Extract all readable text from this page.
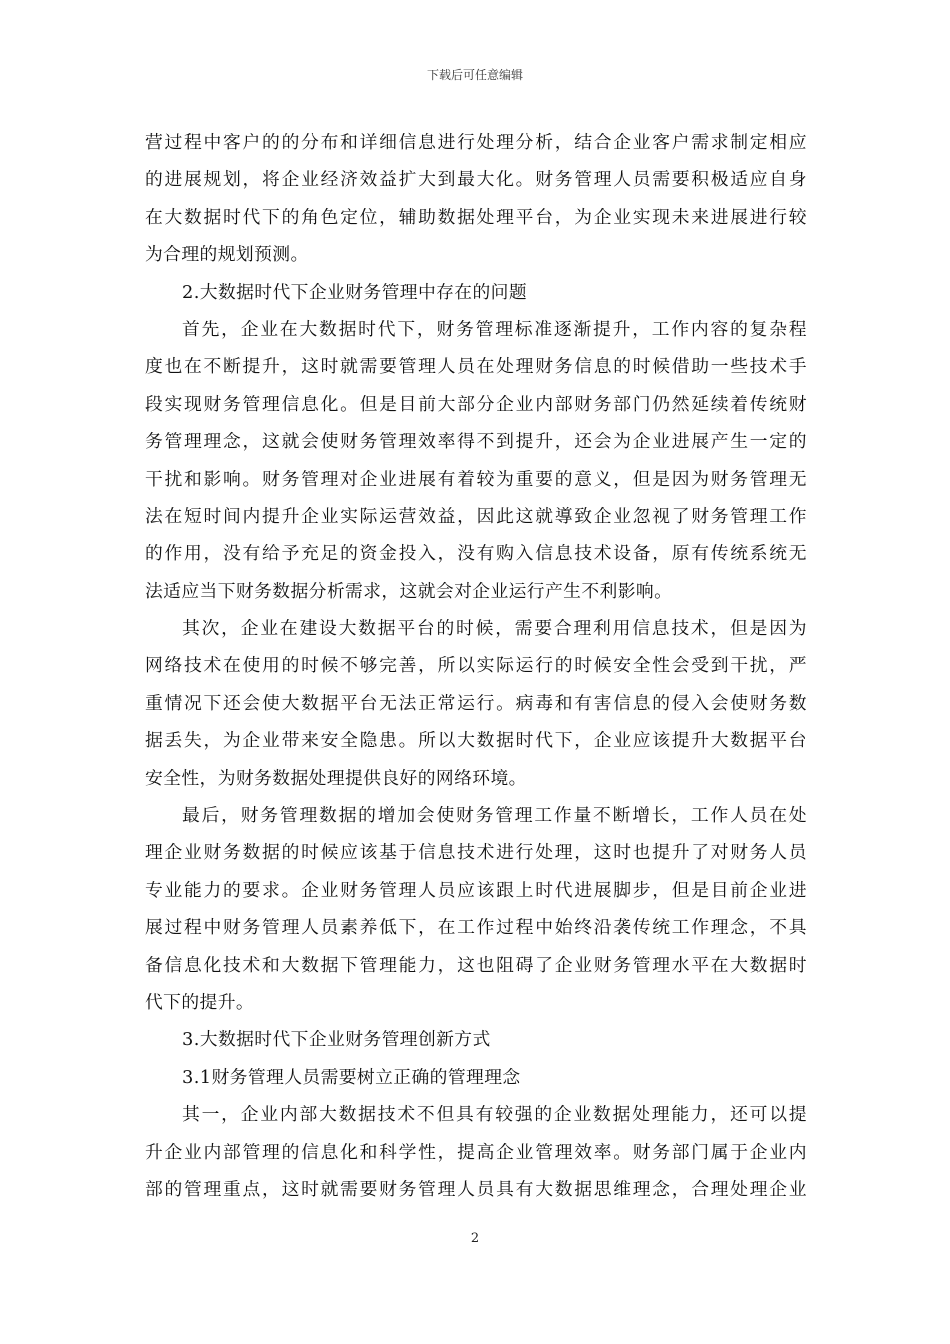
下载后可任意编辑
营过程中客户的的分布和详细信息进行处理分析，结合企业客户需求制定相应
的进展规划，将企业经济效益扩大到最大化。财务管理人员需要积极适应自身
在大数据时代下的角色定位，辅助数据处理平台，为企业实现未来进展进行较
为合理的规划预测。
2.大数据时代下企业财务管理中存在的问题
首先，企业在大数据时代下，财务管理标准逐渐提升，工作内容的复杂程
度也在不断提升，这时就需要管理人员在处理财务信息的时候借助一些技术手
段实现财务管理信息化。但是目前大部分企业内部财务部门仍然延续着传统财
务管理理念，这就会使财务管理效率得不到提升，还会为企业进展产生一定的
干扰和影响。财务管理对企业进展有着较为重要的意义，但是因为财务管理无
法在短时间内提升企业实际运营效益，因此这就導致企业忽视了财务管理工作
的作用，没有给予充足的资金投入，没有购入信息技术设备，原有传统系统无
法适应当下财务数据分析需求，这就会对企业运行产生不利影响。
其次，企业在建设大数据平台的时候，需要合理利用信息技术，但是因为
网络技术在使用的时候不够完善，所以实际运行的时候安全性会受到干扰，严
重情况下还会使大数据平台无法正常运行。病毒和有害信息的侵入会使财务数
据丢失，为企业带来安全隐患。所以大数据时代下，企业应该提升大数据平台
安全性，为财务数据处理提供良好的网络环境。
最后，财务管理数据的增加会使财务管理工作量不断增长，工作人员在处
理企业财务数据的时候应该基于信息技术进行处理，这时也提升了对财务人员
专业能力的要求。企业财务管理人员应该跟上时代进展脚步，但是目前企业进
展过程中财务管理人员素养低下，在工作过程中始终沿袭传统工作理念，不具
备信息化技术和大数据下管理能力，这也阻碍了企业财务管理水平在大数据时
代下的提升。
3.大数据时代下企业财务管理创新方式
3.1财务管理人员需要树立正确的管理理念
其一，企业内部大数据技术不但具有较强的企业数据处理能力，还可以提
升企业内部管理的信息化和科学性，提高企业管理效率。财务部门属于企业内
部的管理重点，这时就需要财务管理人员具有大数据思维理念，合理处理企业
2
